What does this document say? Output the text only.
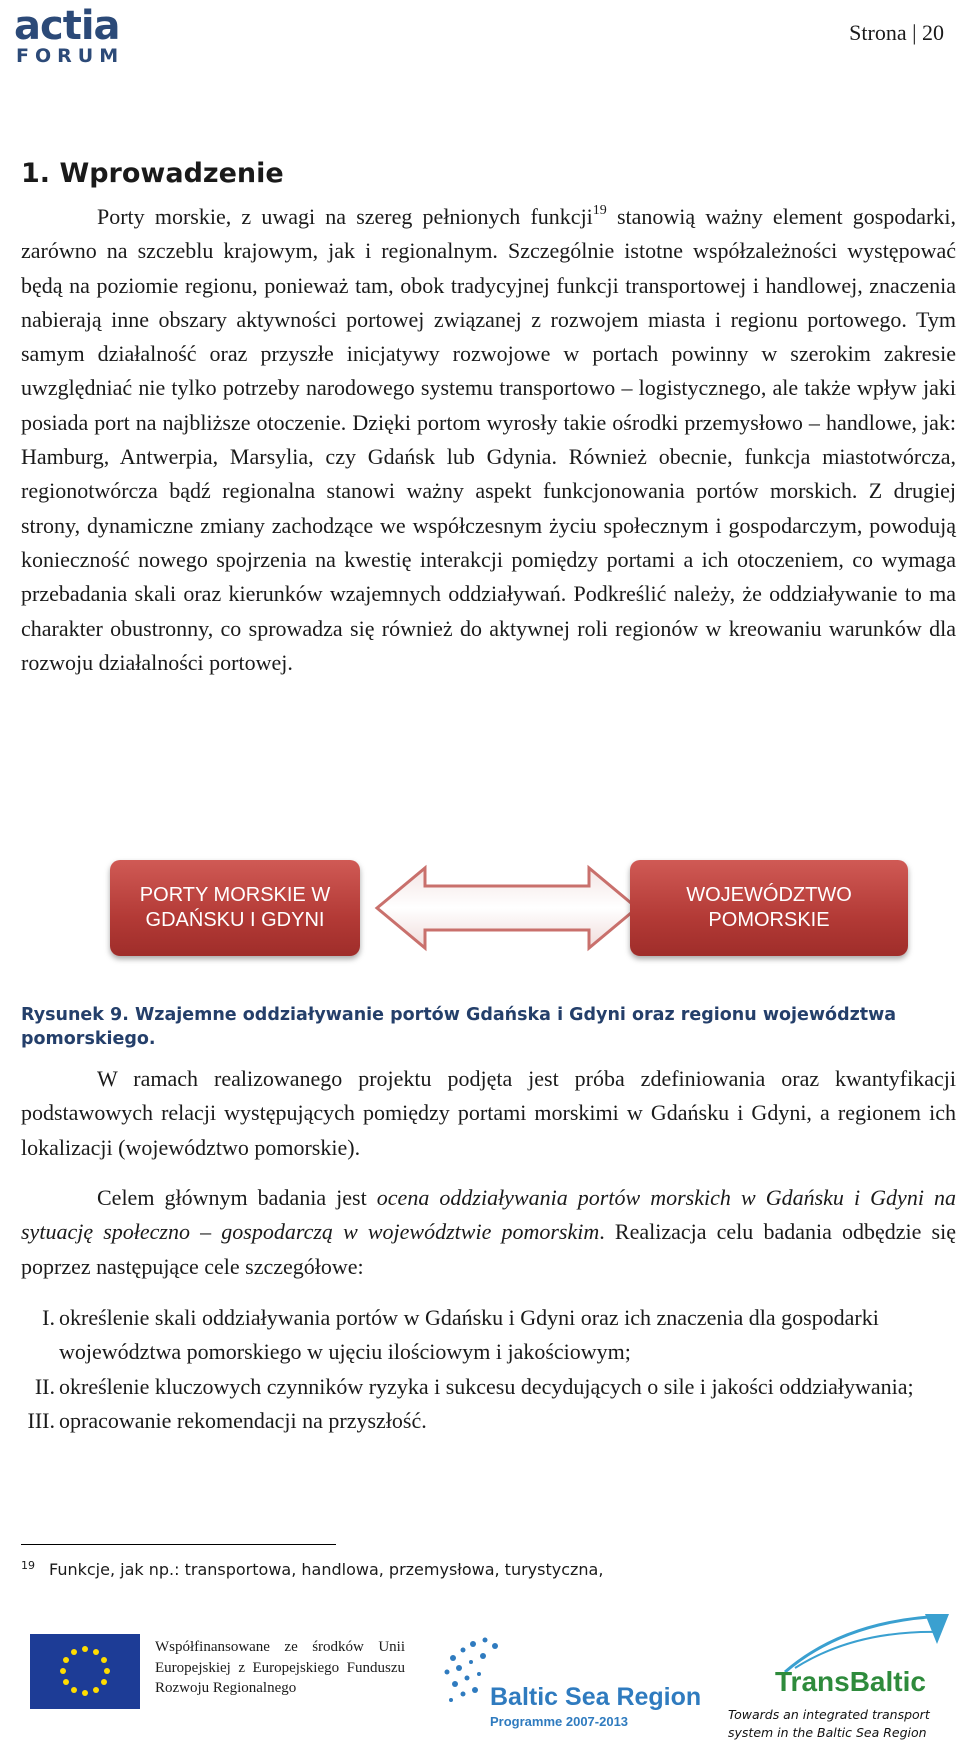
actia
FORUM
Strona | 20
1. Wprowadzenie

Porty morskie, z uwagi na szereg pełnionych funkcji$^{19}$ stanowią ważny element gospodarki, zarówno na szczeblu krajowym, jak i regionalnym. Szczególnie istotne współzależności występować będą na poziomie regionu, ponieważ tam, obok tradycyjnej funkcji transportowej i handlowej, znaczenia nabierają inne obszary aktywności portowej związanej z rozwojem miasta i regionu portowego. Tym samym działalność oraz przyszłe inicjatywy rozwojowe w portach powinny w szerokim zakresie uwzględniać nie tylko potrzeby narodowego systemu transportowo – logistycznego, ale także wpływ jaki posiada port na najbliższe otoczenie. Dzięki portom wyrosły takie ośrodki przemysłowo – handlowe, jak: Hamburg, Antwerpia, Marsylia, czy Gdańsk lub Gdynia. Również obecnie, funkcja miastotwórcza, regionotwórcza bądź regionalna stanowi ważny aspekt funkcjonowania portów morskich. Z drugiej strony, dynamiczne zmiany zachodzące we współczesnym życiu społecznym i gospodarczym, powodują konieczność nowego spojrzenia na kwestię interakcji pomiędzy portami a ich otoczeniem, co wymaga przebadania skali oraz kierunków wzajemnych oddziaływań. Podkreślić należy, że oddziaływanie to ma charakter obustronny, co sprowadza się również do aktywnej roli regionów w kreowaniu warunków dla rozwoju działalności portowej.

PORTY MORSKIE W
GDAŃSKU I GDYNI
WOJEWÓDZTWO
POMORSKIE

Rysunek 9. Wzajemne oddziaływanie portów Gdańska i Gdyni oraz regionu województwa pomorskiego.

W ramach realizowanego projektu podjęta jest próba zdefiniowania oraz kwantyfikacji podstawowych relacji występujących pomiędzy portami morskimi w Gdańsku i Gdyni, a regionem ich lokalizacji (województwo pomorskie).

Celem głównym badania jest ocena oddziaływania portów morskich w Gdańsku i Gdyni na sytuację społeczno – gospodarczą w województwie pomorskim. Realizacja celu badania odbędzie się poprzez następujące cele szczegółowe:

I. określenie skali oddziaływania portów w Gdańsku i Gdyni oraz ich znaczenia dla gospodarki województwa pomorskiego w ujęciu ilościowym i jakościowym;
II. określenie kluczowych czynników ryzyka i sukcesu decydujących o sile i jakości oddziaływania;
III. opracowanie rekomendacji na przyszłość.
$^{19}$ Funkcje, jak np.: transportowa, handlowa, przemysłowa, turystyczna,
Współfinansowane ze środków Unii Europejskiej z Europejskiego Funduszu Rozwoju Regionalnego	Baltic Sea Region
Programme 2007-2013
TransBaltic
Towards an integrated transport system in the Baltic Sea Region
